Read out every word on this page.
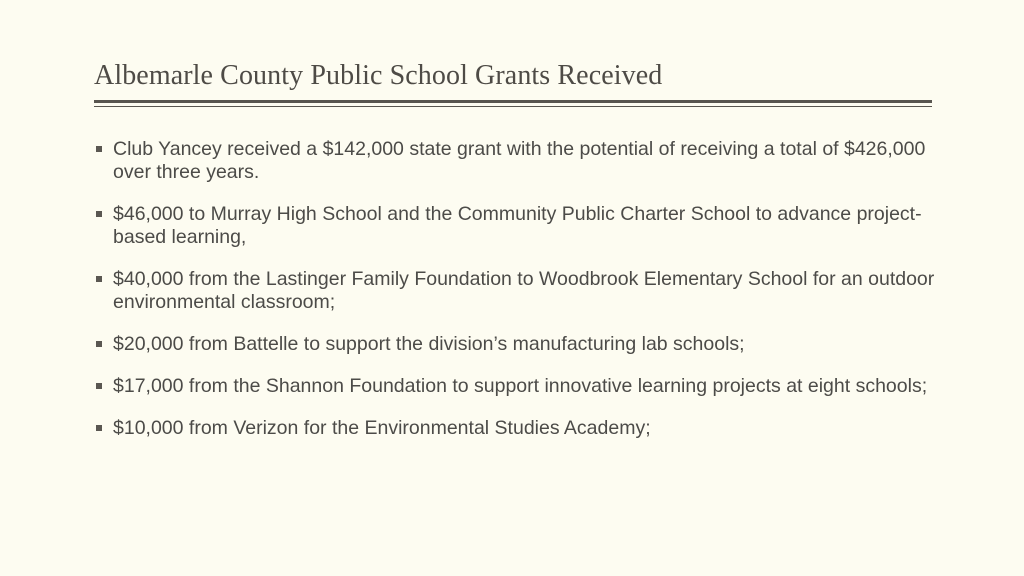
Albemarle County Public School Grants Received
Club Yancey received a $142,000 state grant with the potential of receiving a total of $426,000 over three years.
$46,000 to Murray High School and the Community Public Charter School to advance project-based learning,
$40,000 from the Lastinger Family Foundation to Woodbrook Elementary School for an outdoor environmental classroom;
$20,000 from Battelle to support the division’s manufacturing lab schools;
$17,000 from the Shannon Foundation to support innovative learning projects at eight schools;
$10,000 from Verizon for the Environmental Studies Academy;
